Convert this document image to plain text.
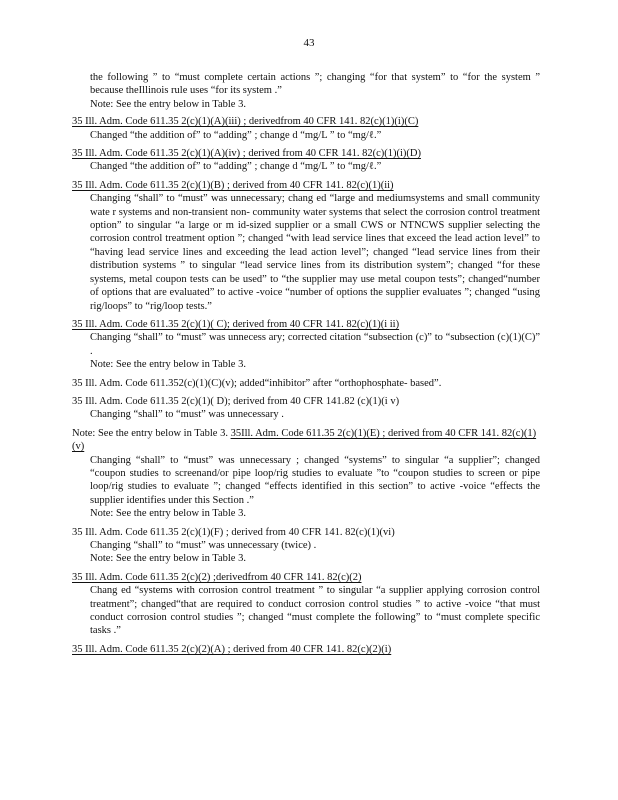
43

the following ” to “must complete certain actions ”; changing “for that system” to “for the system ” because theIllinois rule uses “for its system .”

Note: See the entry below in Table 3.

35 Ill. Adm. Code 611.35 2(c)(1)(A)(iii) ; derivedfrom 40 CFR 141. 82(c)(1)(i)(C)

Changed “the addition of” to “adding” ; change d “mg/L ” to “mg/ℓ.”

35 Ill. Adm. Code 611.35 2(c)(1)(A)(iv) ; derived from 40 CFR 141. 82(c)(1)(i)(D)

Changed “the addition of” to “adding” ; change d “mg/L ” to “mg/ℓ.”

35 Ill. Adm. Code 611.35 2(c)(1)(B) ; derived from 40 CFR 141. 82(c)(1)(ii)

Changing “shall” to “must” was unnecessary; chang ed “large and mediumsystems and small community wate r systems and non-transient non- community water systems that select the corrosion control treatment option” to singular “a large or m id-sized supplier or a small CWS or NTNCWS supplier selecting the corrosion control treatment option ”; changed “with lead service lines that exceed the lead action level” to “having lead service lines and exceeding the lead action level”; changed “lead service lines from their distribution systems ” to singular “lead service lines from its distribution system”; changed “for these systems, metal coupon tests can be used” to “the supplier may use metal coupon tests”; changed“number of options that are evaluated” to active -voice “number of options the supplier evaluates ”; changed “using rig/loops” to “rig/loop tests.”

35 Ill. Adm. Code 611.35 2(c)(1)( C); derived from 40 CFR 141. 82(c)(1)(i ii)

Changing “shall” to “must” was unnecess ary; corrected citation “subsection (c)” to “subsection (c)(1)(C)” .

Note: See the entry below in Table 3.

35 Ill. Adm. Code 611.352(c)(1)(C)(v); added“inhibitor” after “orthophosphate- based”.
35 Ill. Adm. Code 611.35 2(c)(1)( D); derived from 40 CFR 141.82 (c)(1)(i v)

Changing “shall” to “must” was unnecessary .

Note: See the entry below in Table 3. 35Ill. Adm. Code 611.35 2(c)(1)(E) ; derived from 40 CFR 141. 82(c)(1)(v)

Changing “shall” to “must” was unnecessary ; changed “systems” to singular “a supplier”; changed “coupon studies to screenand/or pipe loop/rig studies to evaluate ”to “coupon studies to screen or pipe loop/rig studies to evaluate ”; changed “effects identified in this section” to active -voice “effects the supplier identifies under this Section .”

Note: See the entry below in Table 3.

35 Ill. Adm. Code 611.35 2(c)(1)(F) ; derived from 40 CFR 141. 82(c)(1)(vi)

Changing “shall” to “must” was unnecessary (twice) .

Note: See the entry below in Table 3.

35 Ill. Adm. Code 611.35 2(c)(2) ;derivedfrom 40 CFR 141. 82(c)(2)

Chang ed “systems with corrosion control treatment ” to singular “a supplier applying corrosion control treatment”; changed“that are required to conduct corrosion control studies ” to active -voice “that must conduct corrosion control studies ”; changed “must complete the following” to “must complete specific tasks .”

35 Ill. Adm. Code 611.35 2(c)(2)(A) ; derived from 40 CFR 141. 82(c)(2)(i)
